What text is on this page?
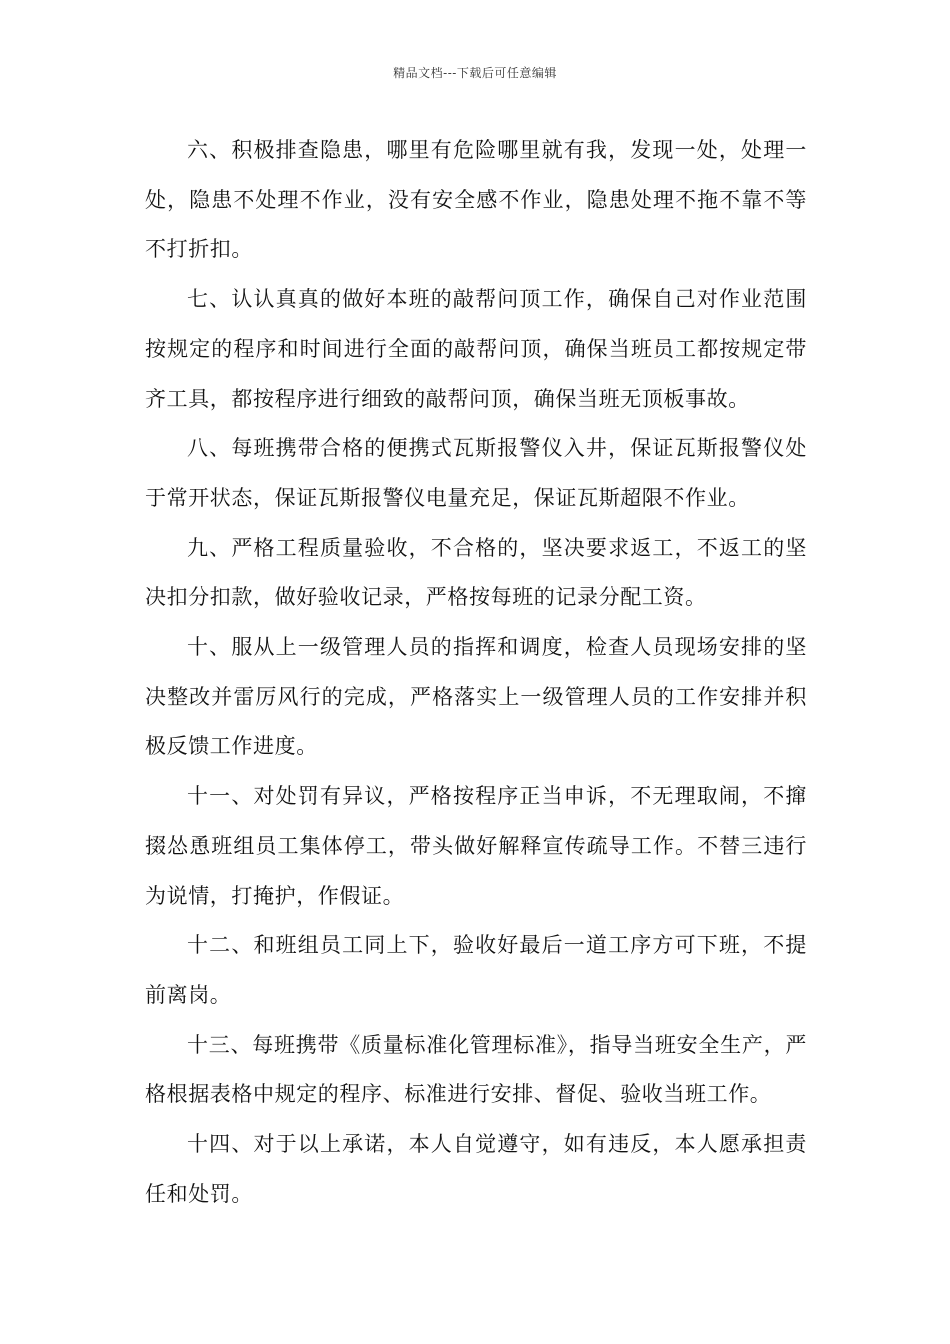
精品文档---下载后可任意编辑

六、积极排查隐患，哪里有危险哪里就有我，发现一处，处理一处，隐患不处理不作业，没有安全感不作业，隐患处理不拖不靠不等不打折扣。

七、认认真真的做好本班的敲帮问顶工作，确保自己对作业范围按规定的程序和时间进行全面的敲帮问顶，确保当班员工都按规定带齐工具，都按程序进行细致的敲帮问顶，确保当班无顶板事故。

八、每班携带合格的便携式瓦斯报警仪入井，保证瓦斯报警仪处于常开状态，保证瓦斯报警仪电量充足，保证瓦斯超限不作业。

九、严格工程质量验收，不合格的，坚决要求返工，不返工的坚决扣分扣款，做好验收记录，严格按每班的记录分配工资。

十、服从上一级管理人员的指挥和调度，检查人员现场安排的坚决整改并雷厉风行的完成，严格落实上一级管理人员的工作安排并积极反馈工作进度。

十一、对处罚有异议，严格按程序正当申诉，不无理取闹，不撺掇怂恿班组员工集体停工，带头做好解释宣传疏导工作。不替三违行为说情，打掩护，作假证。

十二、和班组员工同上下，验收好最后一道工序方可下班，不提前离岗。

十三、每班携带《质量标准化管理标准》，指导当班安全生产，严格根据表格中规定的程序、标准进行安排、督促、验收当班工作。

十四、对于以上承诺，本人自觉遵守，如有违反，本人愿承担责任和处罚。
